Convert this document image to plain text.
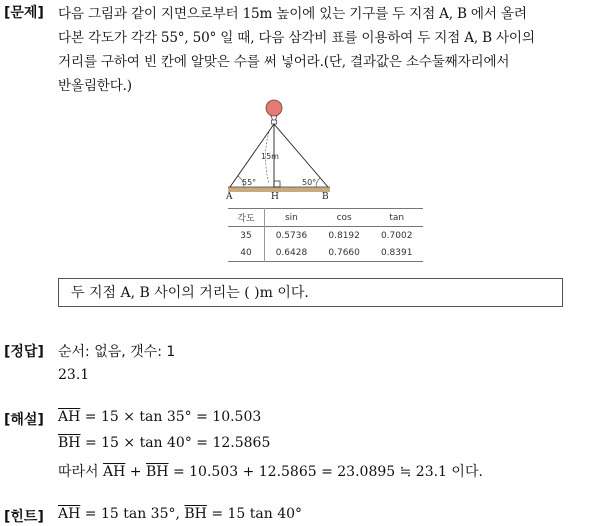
[문제] 다음 그림과 같이 지면으로부터 15m 높이에 있는 기구를 두 지점 A, B 에서 올려
다본 각도가 각각 55°, 50° 일 때, 다음 삼각비 표를 이용하여 두 지점 A, B 사이의
거리를 구하여 빈 칸에 알맞은 수를 써 넣어라.(단, 결과값은 소수둘째자리에서
반올림한다.)
15m
55°	50°
A	H	B
각도	sin	cos	tan
35	0.5736	0.8192	0.7002
40	0.6428	0.7660	0.8391
두 지점 A, B 사이의 거리는 ( )m 이다.
[정답] 순서: 없음, 갯수: 1
23.1
[해설] $\overline{AH} = 15 \times \tan 35^\circ = 10.503$
$\overline{BH} = 15 \times \tan 40^\circ = 12.5865$
따라서 $\overline{AH} + \overline{BH} = 10.503 + 12.5865 = 23.0895$ ≒ 23.1 이다.
[힌트] $\overline{AH} = 15$ tan 35°, $\overline{BH} = 15$ tan 40°
